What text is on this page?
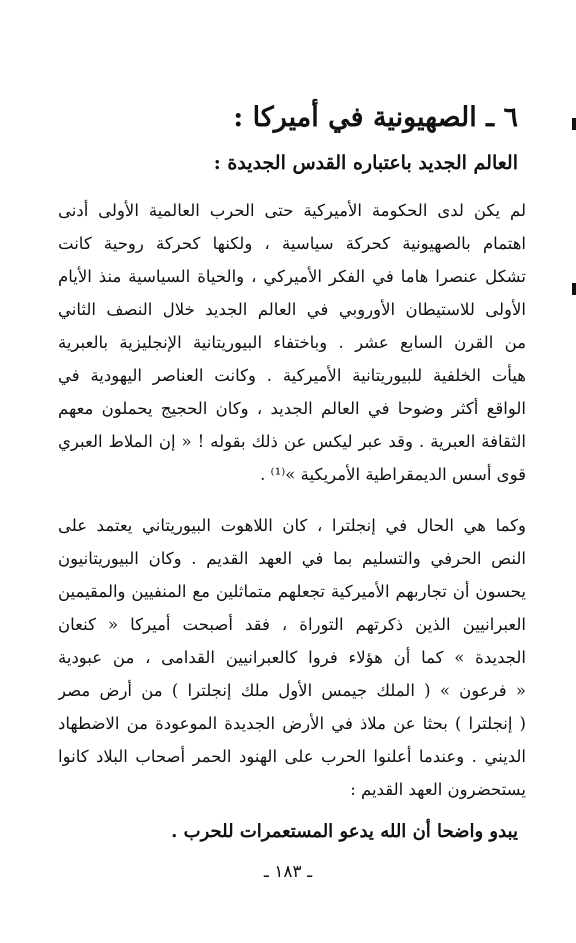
٦ ـ الصهيونية في أميركا :
العالم الجديد باعتباره القدس الجديدة :
لم يكن لدى الحكومة الأميركية حتى الحرب العالمية الأولى أدنى
اهتمام بالصهيونية كحركة سياسية ، ولكنها كحركة روحية كانت
تشكل عنصرا هاما في الفكر الأميركي ، والحياة السياسية منذ الأيام
الأولى للاستيطان الأوروبي في العالم الجديد خلال النصف الثاني
من القرن السابع عشر . وباختفاء البيوريتانية الإنجليزية بالعبرية
هيأت الخلفية للبيوريتانية الأميركية . وكانت العناصر اليهودية في
الواقع أكثر وضوحا في العالم الجديد ، وكان الحجيج يحملون معهم
الثقافة العبرية . وقد عبر ليكس عن ذلك بقوله ! « إن الملاط العبري
قوى أسس الديمقراطية الأمريكية »⁽¹⁾ .
وكما هي الحال في إنجلترا ، كان اللاهوت البيوريتاني يعتمد على
النص الحرفي والتسليم بما في العهد القديم . وكان البيوريتانيون
يحسون أن تجاربهم الأميركية تجعلهم متماثلين مع المنفيين والمقيمين
العبرانيين الذين ذكرتهم التوراة ، فقد أصبحت أميركا « كنعان
الجديدة » كما أن هؤلاء فروا كالعبرانيين القدامى ، من عبودية
« فرعون » ( الملك جيمس الأول ملك إنجلترا ) من أرض مصر
( إنجلترا ) بحثا عن ملاذ في الأرض الجديدة الموعودة من الاضطهاد
الديني . وعندما أعلنوا الحرب على الهنود الحمر أصحاب البلاد كانوا
يستحضرون العهد القديم :
يبدو واضحا أن الله يدعو المستعمرات للحرب .
ـ ١٨٣ ـ
